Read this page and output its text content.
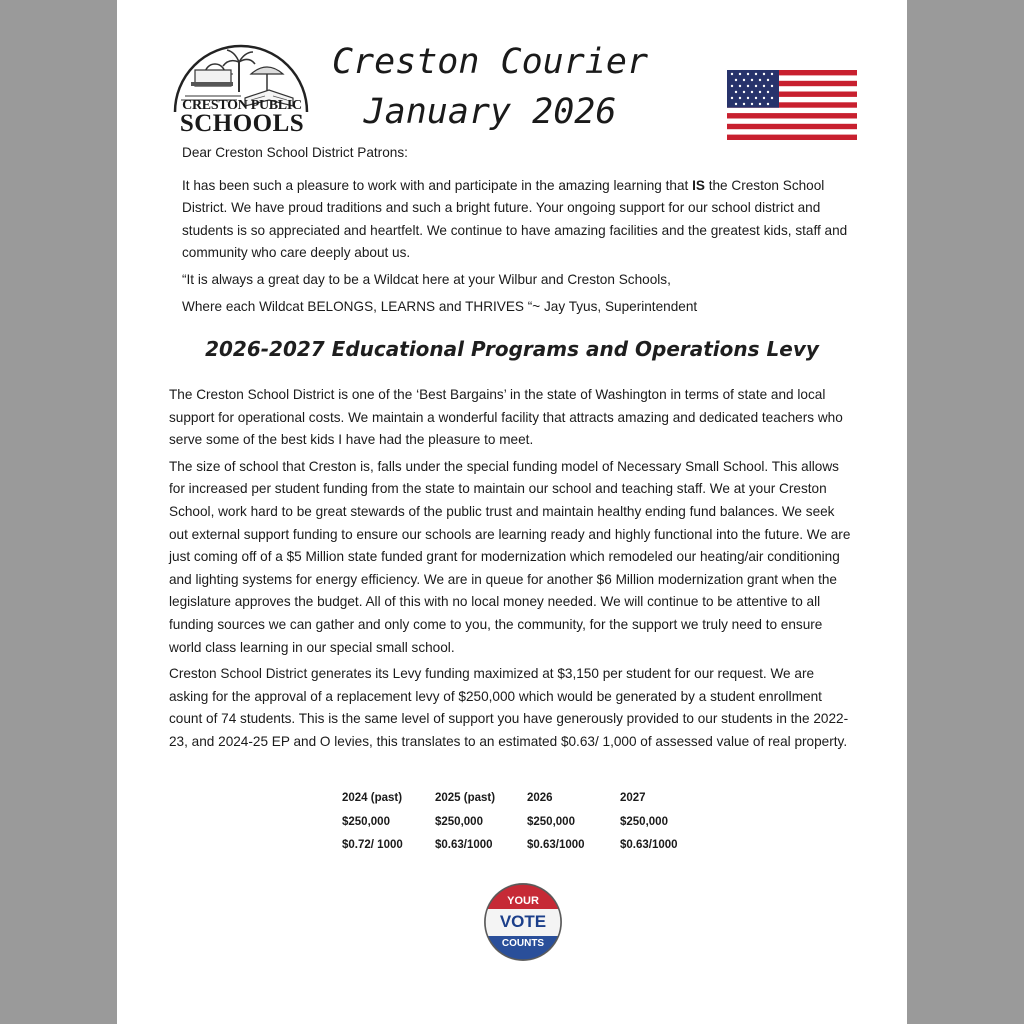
CRESTON PUBLIC
SCHOOLS
Creston Courier
January 2026

Dear Creston School District Patrons:

It has been such a pleasure to work with and participate in the amazing learning that IS the Creston School District. We have proud traditions and such a bright future. Your ongoing support for our school district and students is so appreciated and heartfelt. We continue to have amazing facilities and the greatest kids, staff and community who care deeply about us.

“It is always a great day to be a Wildcat here at your Wilbur and Creston Schools,

Where each Wildcat BELONGS, LEARNS and THRIVES “~ Jay Tyus, Superintendent

2026-2027 Educational Programs and Operations Levy

The Creston School District is one of the ‘Best Bargains’ in the state of Washington in terms of state and local support for operational costs. We maintain a wonderful facility that attracts amazing and dedicated teachers who serve some of the best kids I have had the pleasure to meet.

The size of school that Creston is, falls under the special funding model of Necessary Small School. This allows for increased per student funding from the state to maintain our school and teaching staff. We at your Creston School, work hard to be great stewards of the public trust and maintain healthy ending fund balances. We seek out external support funding to ensure our schools are learning ready and highly functional into the future. We are just coming off of a $5 Million state funded grant for modernization which remodeled our heating/air conditioning and lighting systems for energy efficiency. We are in queue for another $6 Million modernization grant when the legislature approves the budget. All of this with no local money needed. We will continue to be attentive to all funding sources we can gather and only come to you, the community, for the support we truly need to ensure world class learning in our special small school.

Creston School District generates its Levy funding maximized at $3,150 per student for our request. We are asking for the approval of a replacement levy of $250,000 which would be generated by a student enrollment count of 74 students. This is the same level of support you have generously provided to our students in the 2022-23, and 2024-25 EP and O levies, this translates to an estimated $0.63/ 1,000 of assessed value of real property.

2024 (past)	2025 (past)	2026	2027
$250,000	$250,000	$250,000	$250,000
$0.72/ 1000	$0.63/1000	$0.63/1000	$0.63/1000
YOUR
VOTE
COUNTS
